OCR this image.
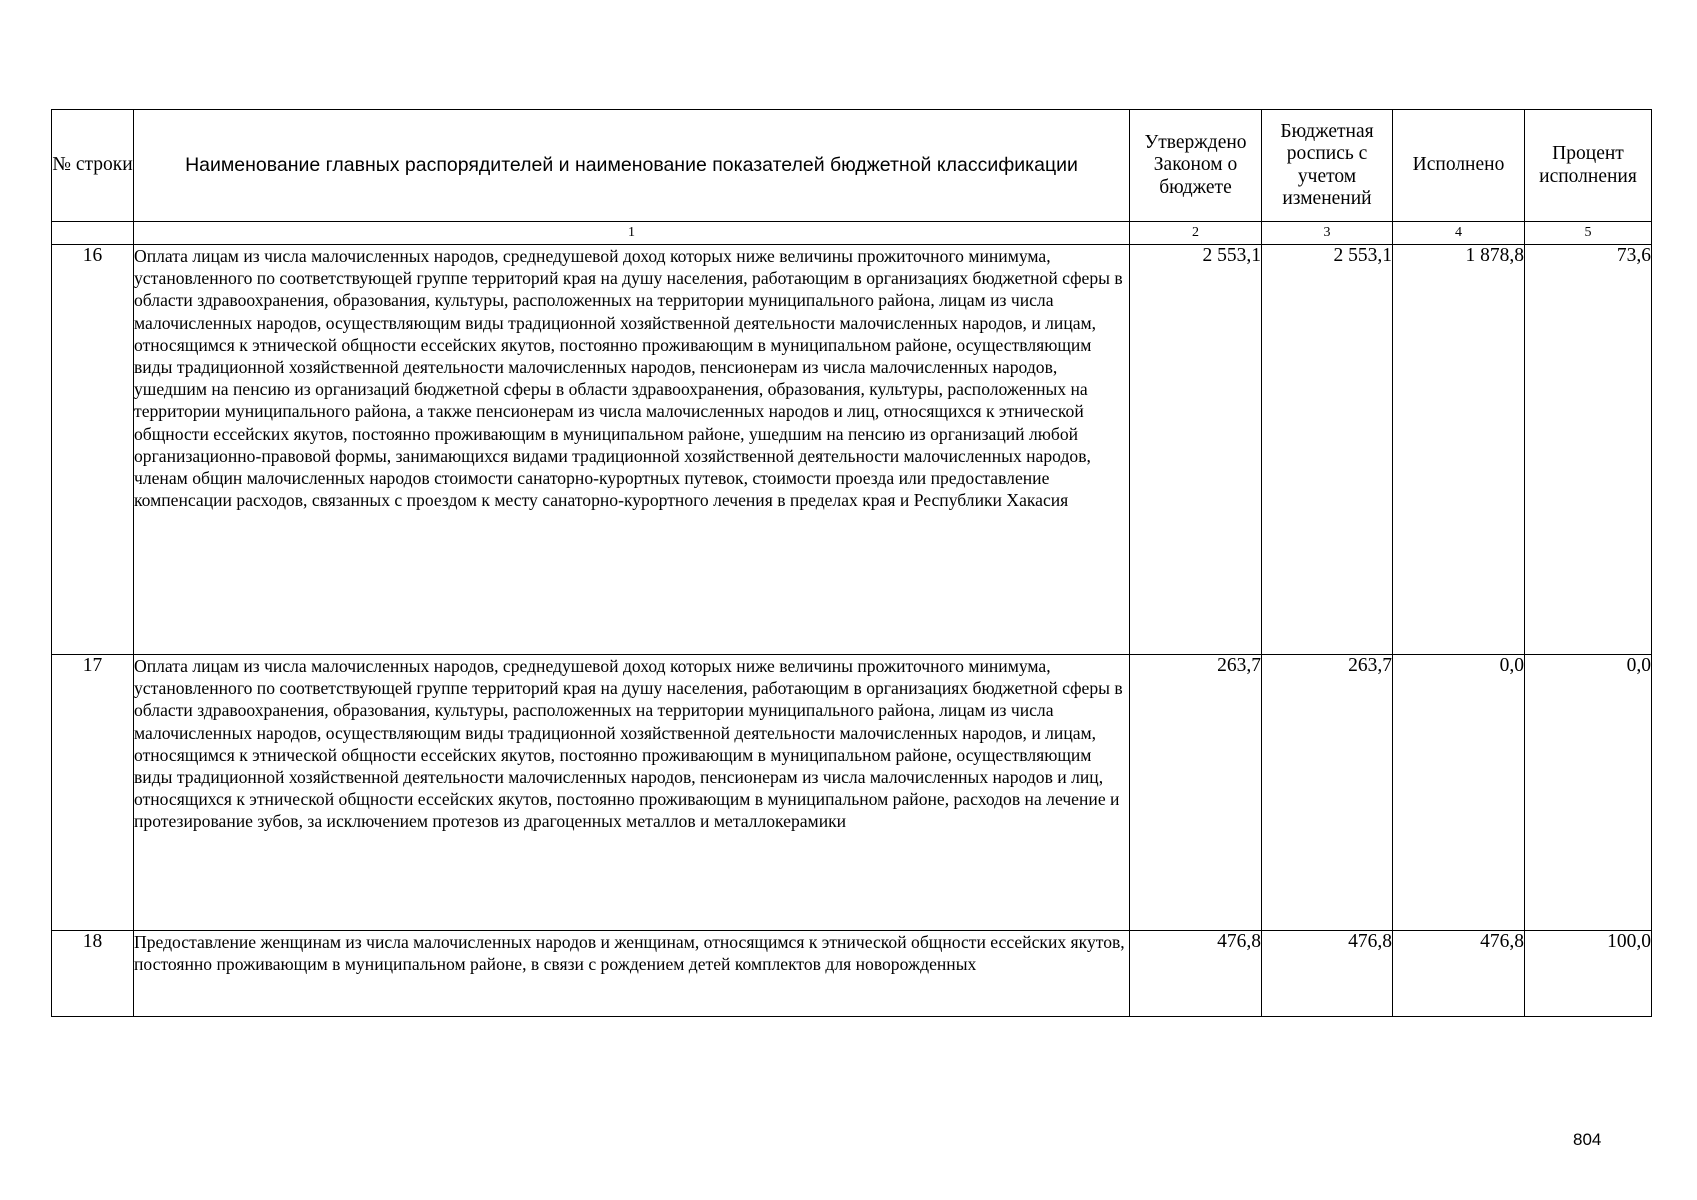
№ строки	Наименование главных распорядителей и наименование показателей бюджетной классификации	Утверждено Законом о бюджете	Бюджетная роспись с учетом изменений	Исполнено	Процент исполнения
	1	2	3	4	5
16	Оплата лицам из числа малочисленных народов, среднедушевой доход которых ниже величины прожиточного минимума, установленного по соответствующей группе территорий края на душу населения, работающим в организациях бюджетной сферы в области здравоохранения, образования, культуры, расположенных на территории муниципального района, лицам из числа малочисленных народов, осуществляющим виды традиционной хозяйственной деятельности малочисленных народов, и лицам, относящимся к этнической общности ессейских якутов, постоянно проживающим в муниципальном районе, осуществляющим виды традиционной хозяйственной деятельности малочисленных народов, пенсионерам из числа малочисленных народов, ушедшим на пенсию из организаций бюджетной сферы в области здравоохранения, образования, культуры, расположенных на территории муниципального района, а также пенсионерам из числа малочисленных народов и лиц, относящихся к этнической общности ессейских якутов, постоянно проживающим в муниципальном районе, ушедшим на пенсию из организаций любой организационно-правовой формы, занимающихся видами традиционной хозяйственной деятельности малочисленных народов, членам общин малочисленных народов стоимости санаторно-курортных путевок, стоимости проезда или предоставление компенсации расходов, связанных с проездом к месту санаторно-курортного лечения в пределах края и Республики Хакасия	2 553,1	2 553,1	1 878,8	73,6
17	Оплата лицам из числа малочисленных народов, среднедушевой доход которых ниже величины прожиточного минимума, установленного по соответствующей группе территорий края на душу населения, работающим в организациях бюджетной сферы в области здравоохранения, образования, культуры, расположенных на территории муниципального района, лицам из числа малочисленных народов, осуществляющим виды традиционной хозяйственной деятельности малочисленных народов, и лицам, относящимся к этнической общности ессейских якутов, постоянно проживающим в муниципальном районе, осуществляющим виды традиционной хозяйственной деятельности малочисленных народов, пенсионерам из числа малочисленных народов и лиц, относящихся к этнической общности ессейских якутов, постоянно проживающим в муниципальном районе, расходов на лечение и протезирование зубов, за исключением протезов из драгоценных металлов и металлокерамики	263,7	263,7	0,0	0,0
18	Предоставление женщинам из числа малочисленных народов и женщинам, относящимся к этнической общности ессейских якутов, постоянно проживающим в муниципальном районе, в связи с рождением детей комплектов для новорожденных	476,8	476,8	476,8	100,0
804
